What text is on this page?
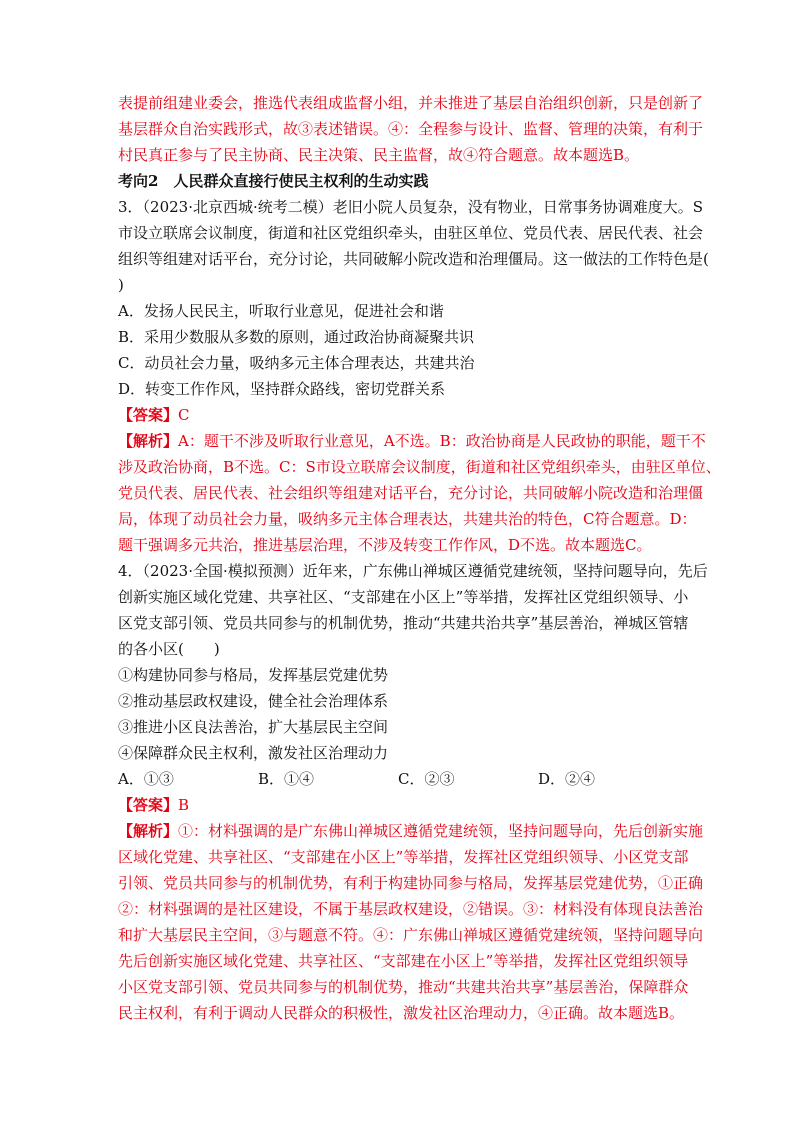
表提前组建业委会，推选代表组成监督小组，并未推进了基层自治组织创新，只是创新了
基层群众自治实践形式，故③表述错误。④：全程参与设计、监督、管理的决策，有利于
村民真正参与了民主协商、民主决策、民主监督，故④符合题意。故本题选B。
考向2　人民群众直接行使民主权利的生动实践
3．（2023·北京西城·统考二模）老旧小院人员复杂，没有物业，日常事务协调难度大。S
市设立联席会议制度，街道和社区党组织牵头，由驻区单位、党员代表、居民代表、社会
组织等组建对话平台，充分讨论，共同破解小院改造和治理僵局。这一做法的工作特色是(
)
A．发扬人民民主，听取行业意见，促进社会和谐
B．采用少数服从多数的原则，通过政治协商凝聚共识
C．动员社会力量，吸纳多元主体合理表达，共建共治
D．转变工作作风，坚持群众路线，密切党群关系
【答案】C
【解析】A：题干不涉及听取行业意见，A不选。B：政治协商是人民政协的职能，题干不
涉及政治协商，B不选。C：S市设立联席会议制度，街道和社区党组织牵头，由驻区单位、
党员代表、居民代表、社会组织等组建对话平台，充分讨论，共同破解小院改造和治理僵
局，体现了动员社会力量，吸纳多元主体合理表达，共建共治的特色，C符合题意。D：
题干强调多元共治，推进基层治理，不涉及转变工作作风，D不选。故本题选C。
4．（2023·全国·模拟预测）近年来，广东佛山禅城区遵循党建统领，坚持问题导向，先后
创新实施区域化党建、共享社区、“支部建在小区上”等举措，发挥社区党组织领导、小
区党支部引领、党员共同参与的机制优势，推动“共建共治共享”基层善治，禅城区管辖
的各小区(　　)
①构建协同参与格局，发挥基层党建优势
②推动基层政权建设，健全社会治理体系
③推进小区良法善治，扩大基层民主空间
④保障群众民主权利，激发社区治理动力
A．①③	B．①④	C．②③	D．②④
【答案】B
【解析】①：材料强调的是广东佛山禅城区遵循党建统领，坚持问题导向，先后创新实施
区域化党建、共享社区、“支部建在小区上”等举措，发挥社区党组织领导、小区党支部
引领、党员共同参与的机制优势，有利于构建协同参与格局，发挥基层党建优势，①正确
②：材料强调的是社区建设，不属于基层政权建设，②错误。③：材料没有体现良法善治
和扩大基层民主空间，③与题意不符。④：广东佛山禅城区遵循党建统领，坚持问题导向
先后创新实施区域化党建、共享社区、“支部建在小区上”等举措，发挥社区党组织领导
小区党支部引领、党员共同参与的机制优势，推动“共建共治共享”基层善治，保障群众
民主权利，有利于调动人民群众的积极性，激发社区治理动力，④正确。故本题选B。
